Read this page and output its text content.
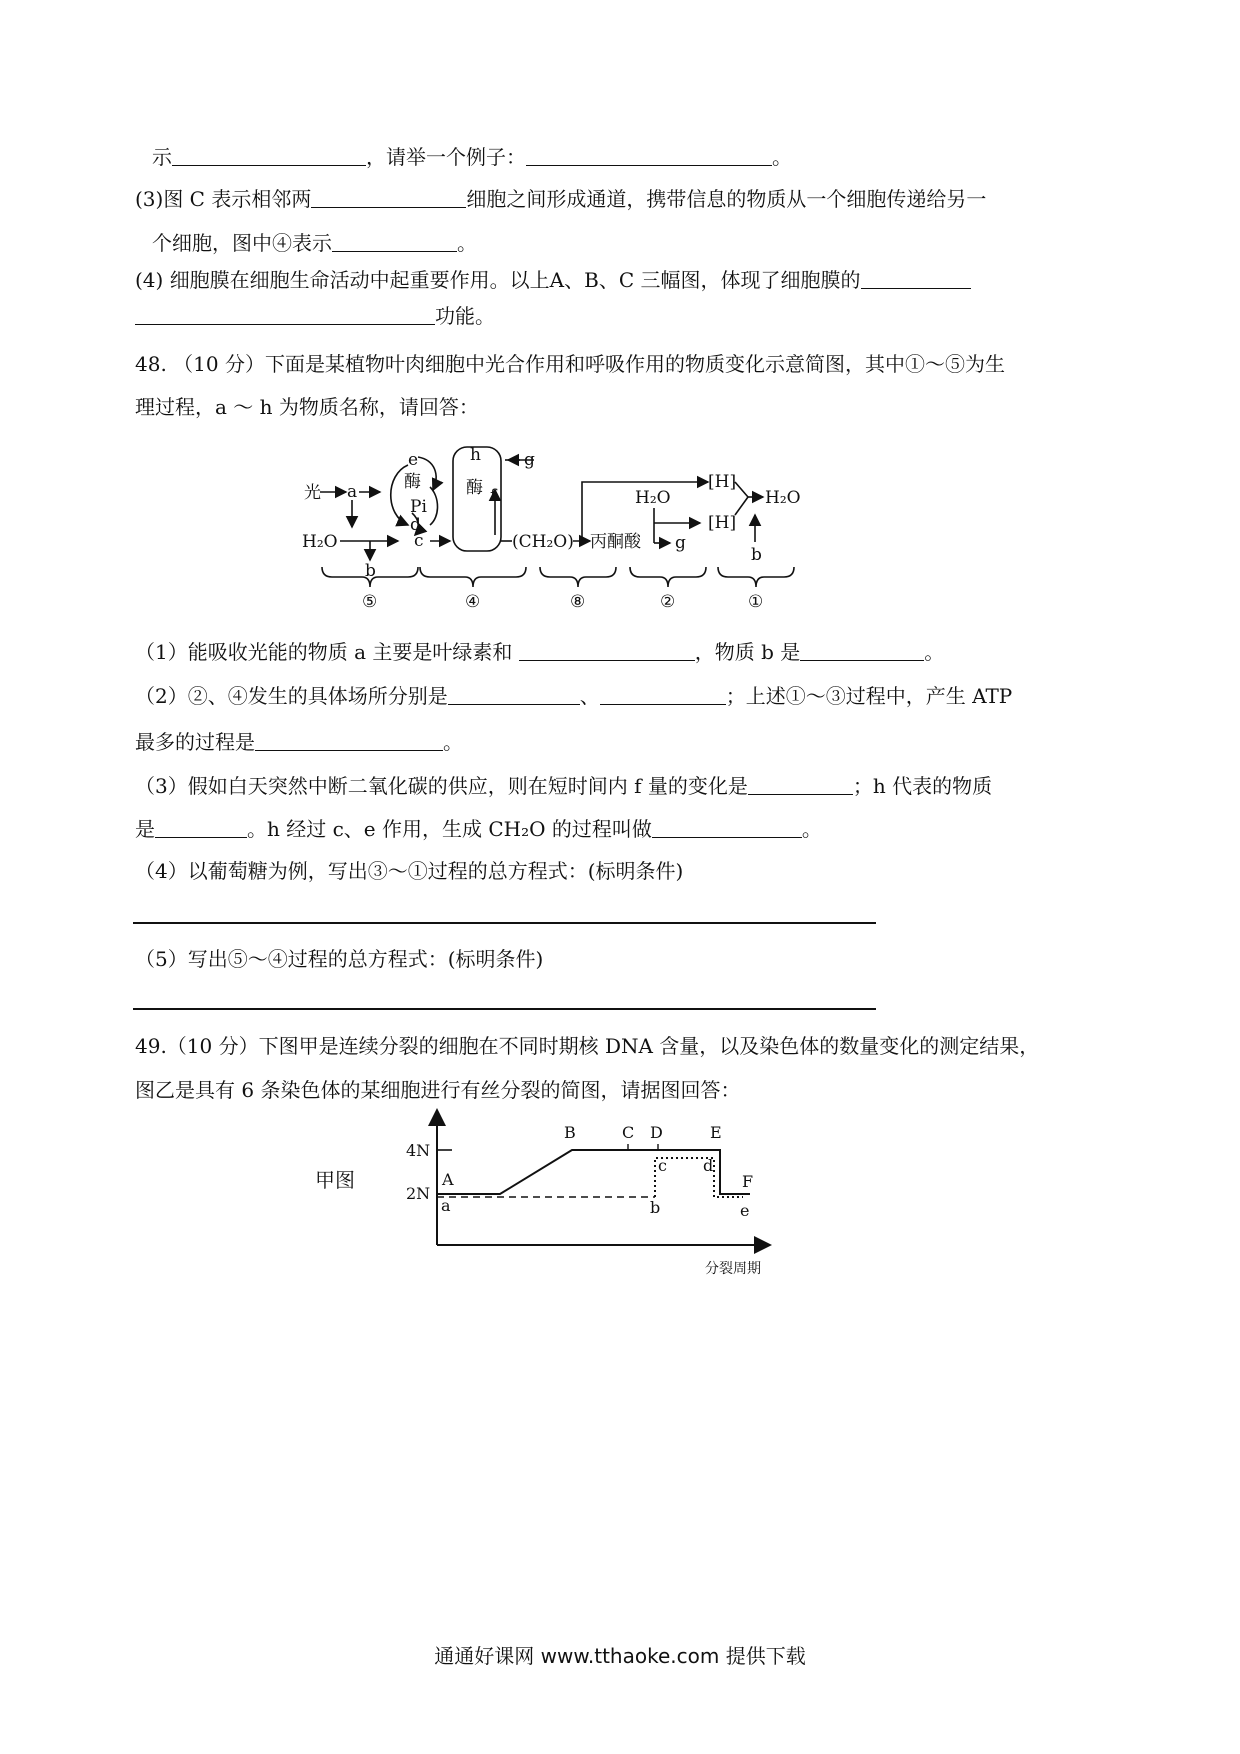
示	，请举一个例子：	。
(3)图 C 表示相邻两	细胞之间形成通道，携带信息的物质从一个细胞传递给另一
个细胞，图中④表示	。
(4) 细胞膜在细胞生命活动中起重要作用。以上A、B、C 三幅图，体现了细胞膜的
功能。
48. （10 分）下面是某植物叶肉细胞中光合作用和呼吸作用的物质变化示意简图，其中①～⑤为生
理过程，a ～ h 为物质名称，请回答：
光 a
e
酶
Pi
d
c
H₂O
b
h	g
酶 f
(CH₂O) 丙酮酸
H₂O
g
[H]
[H]
H₂O
b
⑤	④	⑧	②	①
（1）能吸收光能的物质 a 主要是叶绿素和	，物质 b 是	。
（2）②、④发生的具体场所分别是	、	；上述①～③过程中，产生 ATP
最多的过程是	。
（3）假如白天突然中断二氧化碳的供应，则在短时间内 f 量的变化是	；h 代表的物质
是	。h 经过 c、e 作用，生成 CH₂O 的过程叫做	。
（4）以葡萄糖为例，写出③～①过程的总方程式：(标明条件)
（5）写出⑤～④过程的总方程式：(标明条件)
49.（10 分）下图甲是连续分裂的细胞在不同时期核 DNA 含量，以及染色体的数量变化的测定结果，
图乙是具有 6 条染色体的某细胞进行有丝分裂的简图，请据图回答：
甲图
4N
2N
A
B	C D	E
F
a	b
c d
e
分裂周期
通通好课网 www.tthaoke.com 提供下载
